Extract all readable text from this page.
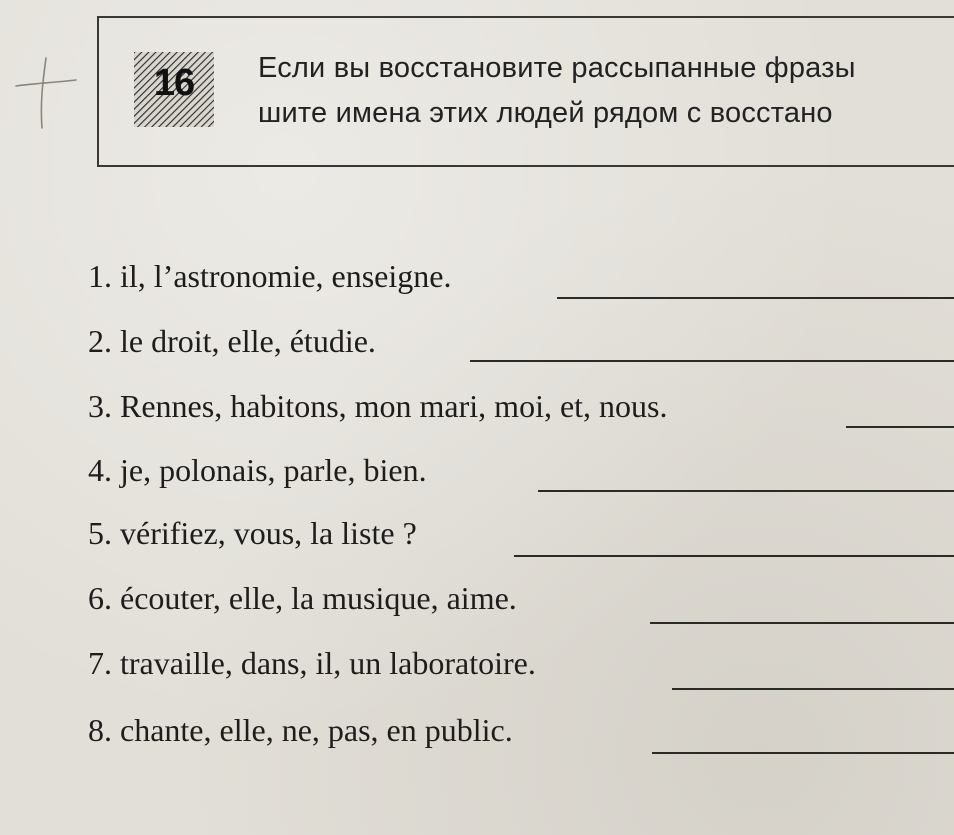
16	Если вы восстановите рассыпанные фразы
шите имена этих людей рядом с восстано
1. il, l’astronomie, enseigne.
2. le droit, elle, étudie.
3. Rennes, habitons, mon mari, moi, et, nous.
4. je, polonais, parle, bien.
5. vérifiez, vous, la liste ?
6. écouter, elle, la musique, aime.
7. travaille, dans, il, un laboratoire.
8. chante, elle, ne, pas, en public.
